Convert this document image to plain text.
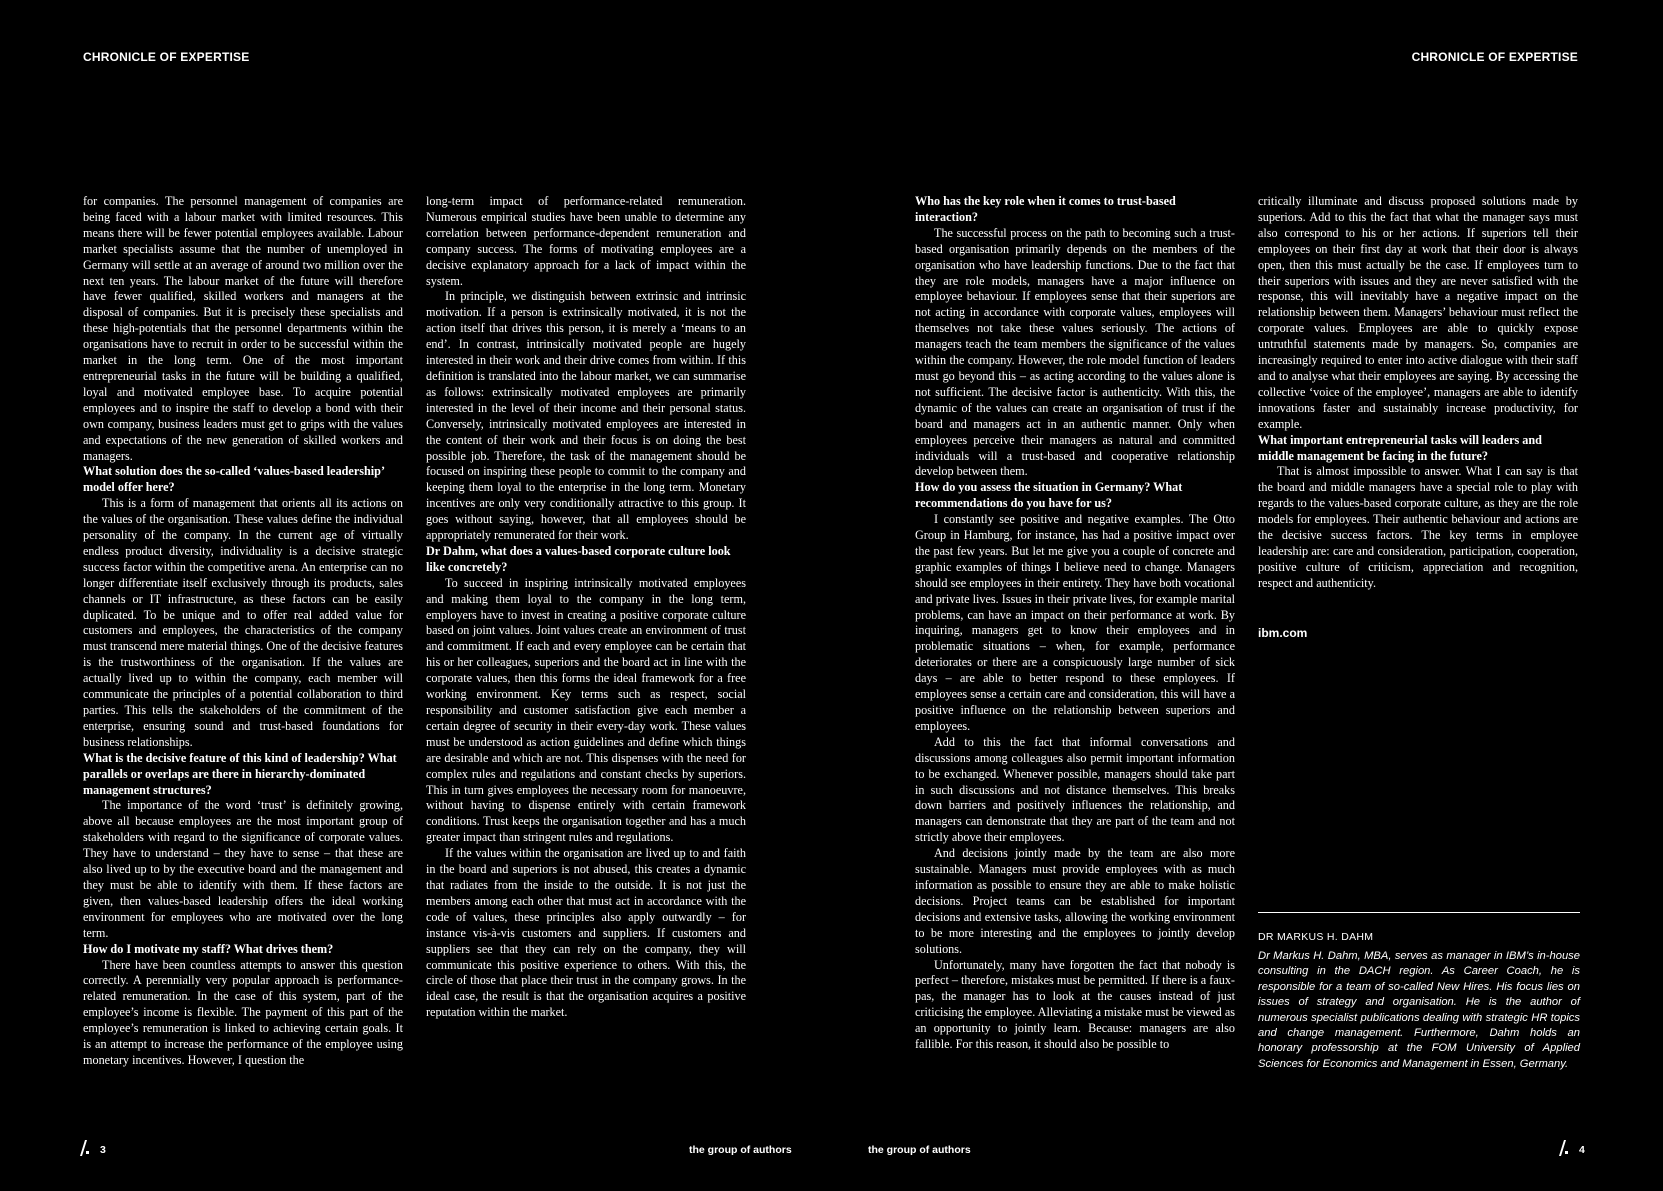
CHRONICLE OF EXPERTISE	CHRONICLE OF EXPERTISE

for companies. The personnel management of companies are being faced with a labour market with limited resources. This means there will be fewer potential employees available. Labour market specialists assume that the number of unemployed in Germany will settle at an average of around two million over the next ten years. The labour market of the future will therefore have fewer qualified, skilled workers and managers at the disposal of companies. But it is precisely these specialists and these high-potentials that the personnel departments within the organisations have to recruit in order to be successful within the market in the long term. One of the most important entrepreneurial tasks in the future will be building a qualified, loyal and motivated employee base. To acquire potential employees and to inspire the staff to develop a bond with their own company, business leaders must get to grips with the values and expectations of the new generation of skilled workers and managers.

What solution does the so-called ‘values-based leadership’ model offer here?

This is a form of management that orients all its actions on the values of the organisation. These values define the individual personality of the company. In the current age of virtually endless product diversity, individuality is a decisive strategic success factor within the competitive arena. An enterprise can no longer differentiate itself exclusively through its products, sales channels or IT infrastructure, as these factors can be easily duplicated. To be unique and to offer real added value for customers and employees, the characteristics of the company must transcend mere material things. One of the decisive features is the trustworthiness of the organisation. If the values are actually lived up to within the company, each member will communicate the principles of a potential collaboration to third parties. This tells the stakeholders of the commitment of the enterprise, ensuring sound and trust-based foundations for business relationships.

What is the decisive feature of this kind of leadership? What parallels or overlaps are there in hierarchy-dominated management structures?

The importance of the word ‘trust’ is definitely growing, above all because employees are the most important group of stakeholders with regard to the significance of corporate values. They have to understand – they have to sense – that these are also lived up to by the executive board and the management and they must be able to identify with them. If these factors are given, then values-based leadership offers the ideal working environment for employees who are motivated over the long term.

How do I motivate my staff? What drives them?

There have been countless attempts to answer this question correctly. A perennially very popular approach is performance-related remuneration. In the case of this system, part of the employee’s income is flexible. The payment of this part of the employee’s remuneration is linked to achieving certain goals. It is an attempt to increase the performance of the employee using monetary incentives. However, I question the

long-term impact of performance-related remuneration. Numerous empirical studies have been unable to determine any correlation between performance-dependent remuneration and company success. The forms of motivating employees are a decisive explanatory approach for a lack of impact within the system.

In principle, we distinguish between extrinsic and intrinsic motivation. If a person is extrinsically motivated, it is not the action itself that drives this person, it is merely a ‘means to an end’. In contrast, intrinsically motivated people are hugely interested in their work and their drive comes from within. If this definition is translated into the labour market, we can summarise as follows: extrinsically motivated employees are primarily interested in the level of their income and their personal status. Conversely, intrinsically motivated employees are interested in the content of their work and their focus is on doing the best possible job. Therefore, the task of the management should be focused on inspiring these people to commit to the company and keeping them loyal to the enterprise in the long term. Monetary incentives are only very conditionally attractive to this group. It goes without saying, however, that all employees should be appropriately remunerated for their work.

Dr Dahm, what does a values-based corporate culture look like concretely?

To succeed in inspiring intrinsically motivated employees and making them loyal to the company in the long term, employers have to invest in creating a positive corporate culture based on joint values. Joint values create an environment of trust and commitment. If each and every employee can be certain that his or her colleagues, superiors and the board act in line with the corporate values, then this forms the ideal framework for a free working environment. Key terms such as respect, social responsibility and customer satisfaction give each member a certain degree of security in their every-day work. These values must be understood as action guidelines and define which things are desirable and which are not. This dispenses with the need for complex rules and regulations and constant checks by superiors. This in turn gives employees the necessary room for manoeuvre, without having to dispense entirely with certain framework conditions. Trust keeps the organisation together and has a much greater impact than stringent rules and regulations.

If the values within the organisation are lived up to and faith in the board and superiors is not abused, this creates a dynamic that radiates from the inside to the outside. It is not just the members among each other that must act in accordance with the code of values, these principles also apply outwardly – for instance vis-à-vis customers and suppliers. If customers and suppliers see that they can rely on the company, they will communicate this positive experience to others. With this, the circle of those that place their trust in the company grows. In the ideal case, the result is that the organisation acquires a positive reputation within the market.

Who has the key role when it comes to trust-based interaction?

The successful process on the path to becoming such a trust-based organisation primarily depends on the members of the organisation who have leadership functions. Due to the fact that they are role models, managers have a major influence on employee behaviour. If employees sense that their superiors are not acting in accordance with corporate values, employees will themselves not take these values seriously. The actions of managers teach the team members the significance of the values within the company. However, the role model function of leaders must go beyond this – as acting according to the values alone is not sufficient. The decisive factor is authenticity. With this, the dynamic of the values can create an organisation of trust if the board and managers act in an authentic manner. Only when employees perceive their managers as natural and committed individuals will a trust-based and cooperative relationship develop between them.

How do you assess the situation in Germany? What recommendations do you have for us?

I constantly see positive and negative examples. The Otto Group in Hamburg, for instance, has had a positive impact over the past few years. But let me give you a couple of concrete and graphic examples of things I believe need to change. Managers should see employees in their entirety. They have both vocational and private lives. Issues in their private lives, for example marital problems, can have an impact on their performance at work. By inquiring, managers get to know their employees and in problematic situations – when, for example, performance deteriorates or there are a conspicuously large number of sick days – are able to better respond to these employees. If employees sense a certain care and consideration, this will have a positive influence on the relationship between superiors and employees.

Add to this the fact that informal conversations and discussions among colleagues also permit important information to be exchanged. Whenever possible, managers should take part in such discussions and not distance themselves. This breaks down barriers and positively influences the relationship, and managers can demonstrate that they are part of the team and not strictly above their employees.

And decisions jointly made by the team are also more sustainable. Managers must provide employees with as much information as possible to ensure they are able to make holistic decisions. Project teams can be established for important decisions and extensive tasks, allowing the working environment to be more interesting and the employees to jointly develop solutions.

Unfortunately, many have forgotten the fact that nobody is perfect – therefore, mistakes must be permitted. If there is a faux-pas, the manager has to look at the causes instead of just criticising the employee. Alleviating a mistake must be viewed as an opportunity to jointly learn. Because: managers are also fallible. For this reason, it should also be possible to

critically illuminate and discuss proposed solutions made by superiors. Add to this the fact that what the manager says must also correspond to his or her actions. If superiors tell their employees on their first day at work that their door is always open, then this must actually be the case. If employees turn to their superiors with issues and they are never satisfied with the response, this will inevitably have a negative impact on the relationship between them. Managers’ behaviour must reflect the corporate values. Employees are able to quickly expose untruthful statements made by managers. So, companies are increasingly required to enter into active dialogue with their staff and to analyse what their employees are saying. By accessing the collective ‘voice of the employee’, managers are able to identify innovations faster and sustainably increase productivity, for example.

What important entrepreneurial tasks will leaders and middle management be facing in the future?

That is almost impossible to answer. What I can say is that the board and middle managers have a special role to play with regards to the values-based corporate culture, as they are the role models for employees. Their authentic behaviour and actions are the decisive success factors. The key terms in employee leadership are: care and consideration, participation, cooperation, positive culture of criticism, appreciation and recognition, respect and authenticity.

ibm.com
DR MARKUS H. DAHM

Dr Markus H. Dahm, MBA, serves as manager in IBM’s in-house consulting in the DACH region. As Career Coach, he is responsible for a team of so-called New Hires. His focus lies on issues of strategy and organisation. He is the author of numerous specialist publications dealing with strategic HR topics and change management. Furthermore, Dahm holds an honorary professorship at the FOM University of Applied Sciences for Economics and Management in Essen, Germany.

3	the group of authors	the group of authors	4
